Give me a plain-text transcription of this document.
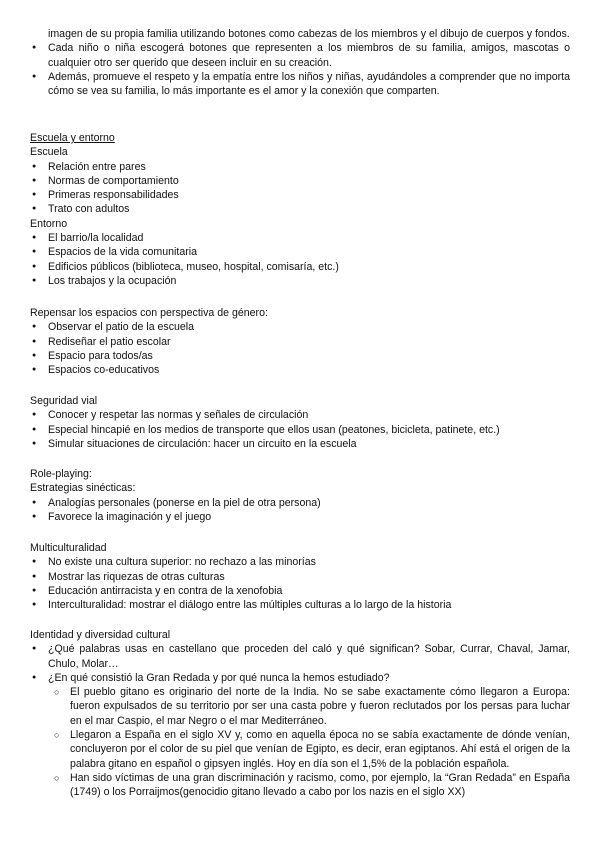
imagen de su propia familia utilizando botones como cabezas de los miembros y el dibujo de cuerpos y fondos.
● Cada niño o niña escogerá botones que representen a los miembros de su familia, amigos, mascotas o cualquier otro ser querido que deseen incluir en su creación.
● Además, promueve el respeto y la empatía entre los niños y niñas, ayudándoles a comprender que no importa cómo se vea su familia, lo más importante es el amor y la conexión que comparten.
Escuela y entorno
Escuela
● Relación entre pares
● Normas de comportamiento
● Primeras responsabilidades
● Trato con adultos
Entorno
● El barrio/la localidad
● Espacios de la vida comunitaria
● Edificios públicos (biblioteca, museo, hospital, comisaría, etc.)
● Los trabajos y la ocupación
Repensar los espacios con perspectiva de género:
● Observar el patio de la escuela
● Rediseñar el patio escolar
● Espacio para todos/as
● Espacios co-educativos
Seguridad vial
● Conocer y respetar las normas y señales de circulación
● Especial hincapié en los medios de transporte que ellos usan (peatones, bicicleta, patinete, etc.)
● Simular situaciones de circulación: hacer un circuito en la escuela
Role-playing:
Estrategias sinécticas:
● Analogías personales (ponerse en la piel de otra persona)
● Favorece la imaginación y el juego
Multiculturalidad
● No existe una cultura superior: no rechazo a las minorías
● Mostrar las riquezas de otras culturas
● Educación antirracista y en contra de la xenofobia
● Interculturalidad: mostrar el diálogo entre las múltiples culturas a lo largo de la historia
Identidad y diversidad cultural
● ¿Qué palabras usas en castellano que proceden del caló y qué significan? Sobar, Currar, Chaval, Jamar, Chulo, Molar…
● ¿En qué consistió la Gran Redada y por qué nunca la hemos estudiado?
○ El pueblo gitano es originario del norte de la India. No se sabe exactamente cómo llegaron a Europa: fueron expulsados de su territorio por ser una casta pobre y fueron reclutados por los persas para luchar en el mar Caspio, el mar Negro o el mar Mediterráneo.
○ Llegaron a España en el siglo XV y, como en aquella época no se sabía exactamente de dónde venían, concluyeron por el color de su piel que venían de Egipto, es decir, eran egiptanos. Ahí está el origen de la palabra gitano en español o gipsyen inglés. Hoy en día son el 1,5% de la población española.
○ Han sido víctimas de una gran discriminación y racismo, como, por ejemplo, la “Gran Redada” en España (1749) o los Porraijmos(genocidio gitano llevado a cabo por los nazis en el siglo XX)
